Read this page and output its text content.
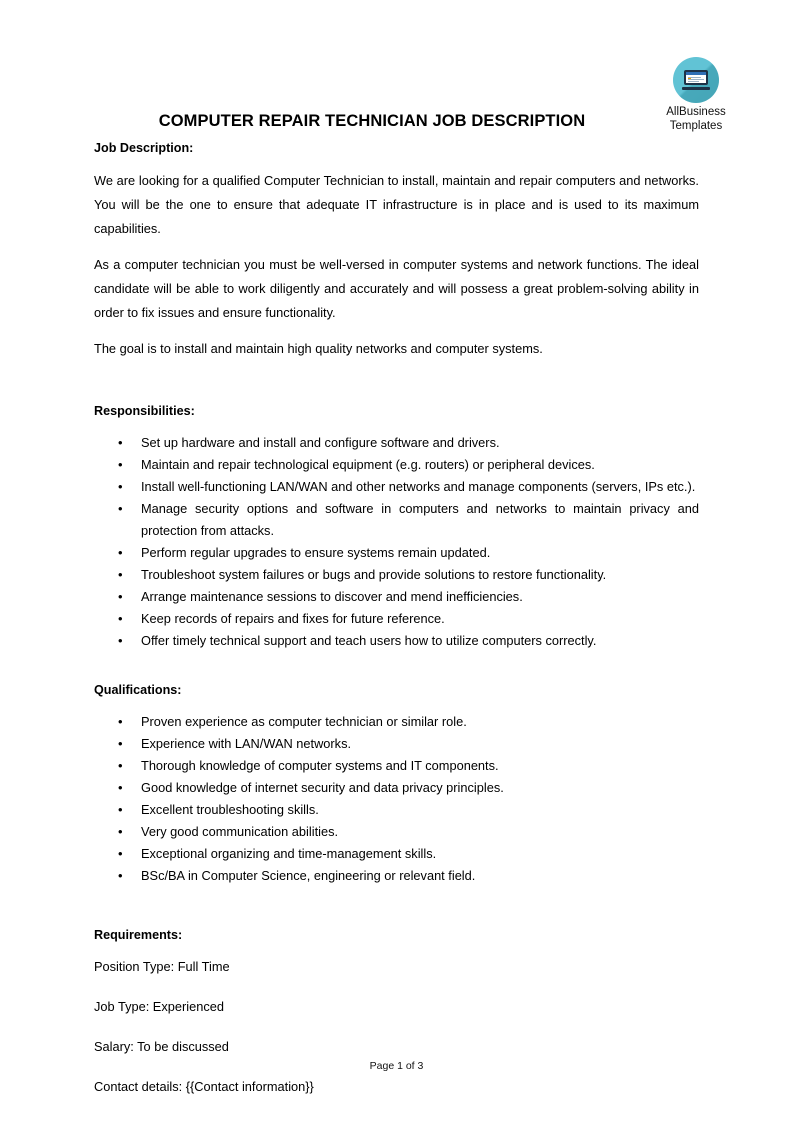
AllBusiness
Templates
COMPUTER REPAIR TECHNICIAN JOB DESCRIPTION
Job Description:

We are looking for a qualified Computer Technician to install, maintain and repair computers and networks. You will be the one to ensure that adequate IT infrastructure is in place and is used to its maximum capabilities.

As a computer technician you must be well-versed in computer systems and network functions. The ideal candidate will be able to work diligently and accurately and will possess a great problem-solving ability in order to fix issues and ensure functionality.

The goal is to install and maintain high quality networks and computer systems.

Responsibilities:
• Set up hardware and install and configure software and drivers.
• Maintain and repair technological equipment (e.g. routers) or peripheral devices.
• Install well-functioning LAN/WAN and other networks and manage components (servers, IPs etc.).
• Manage security options and software in computers and networks to maintain privacy and protection from attacks.
• Perform regular upgrades to ensure systems remain updated.
• Troubleshoot system failures or bugs and provide solutions to restore functionality.
• Arrange maintenance sessions to discover and mend inefficiencies.
• Keep records of repairs and fixes for future reference.
• Offer timely technical support and teach users how to utilize computers correctly.
Qualifications:
• Proven experience as computer technician or similar role.
• Experience with LAN/WAN networks.
• Thorough knowledge of computer systems and IT components.
• Good knowledge of internet security and data privacy principles.
• Excellent troubleshooting skills.
• Very good communication abilities.
• Exceptional organizing and time-management skills.
• BSc/BA in Computer Science, engineering or relevant field.
Requirements:
Position Type: Full Time
Job Type: Experienced
Salary: To be discussed
Contact details: {{Contact information}}
Page 1 of 3
